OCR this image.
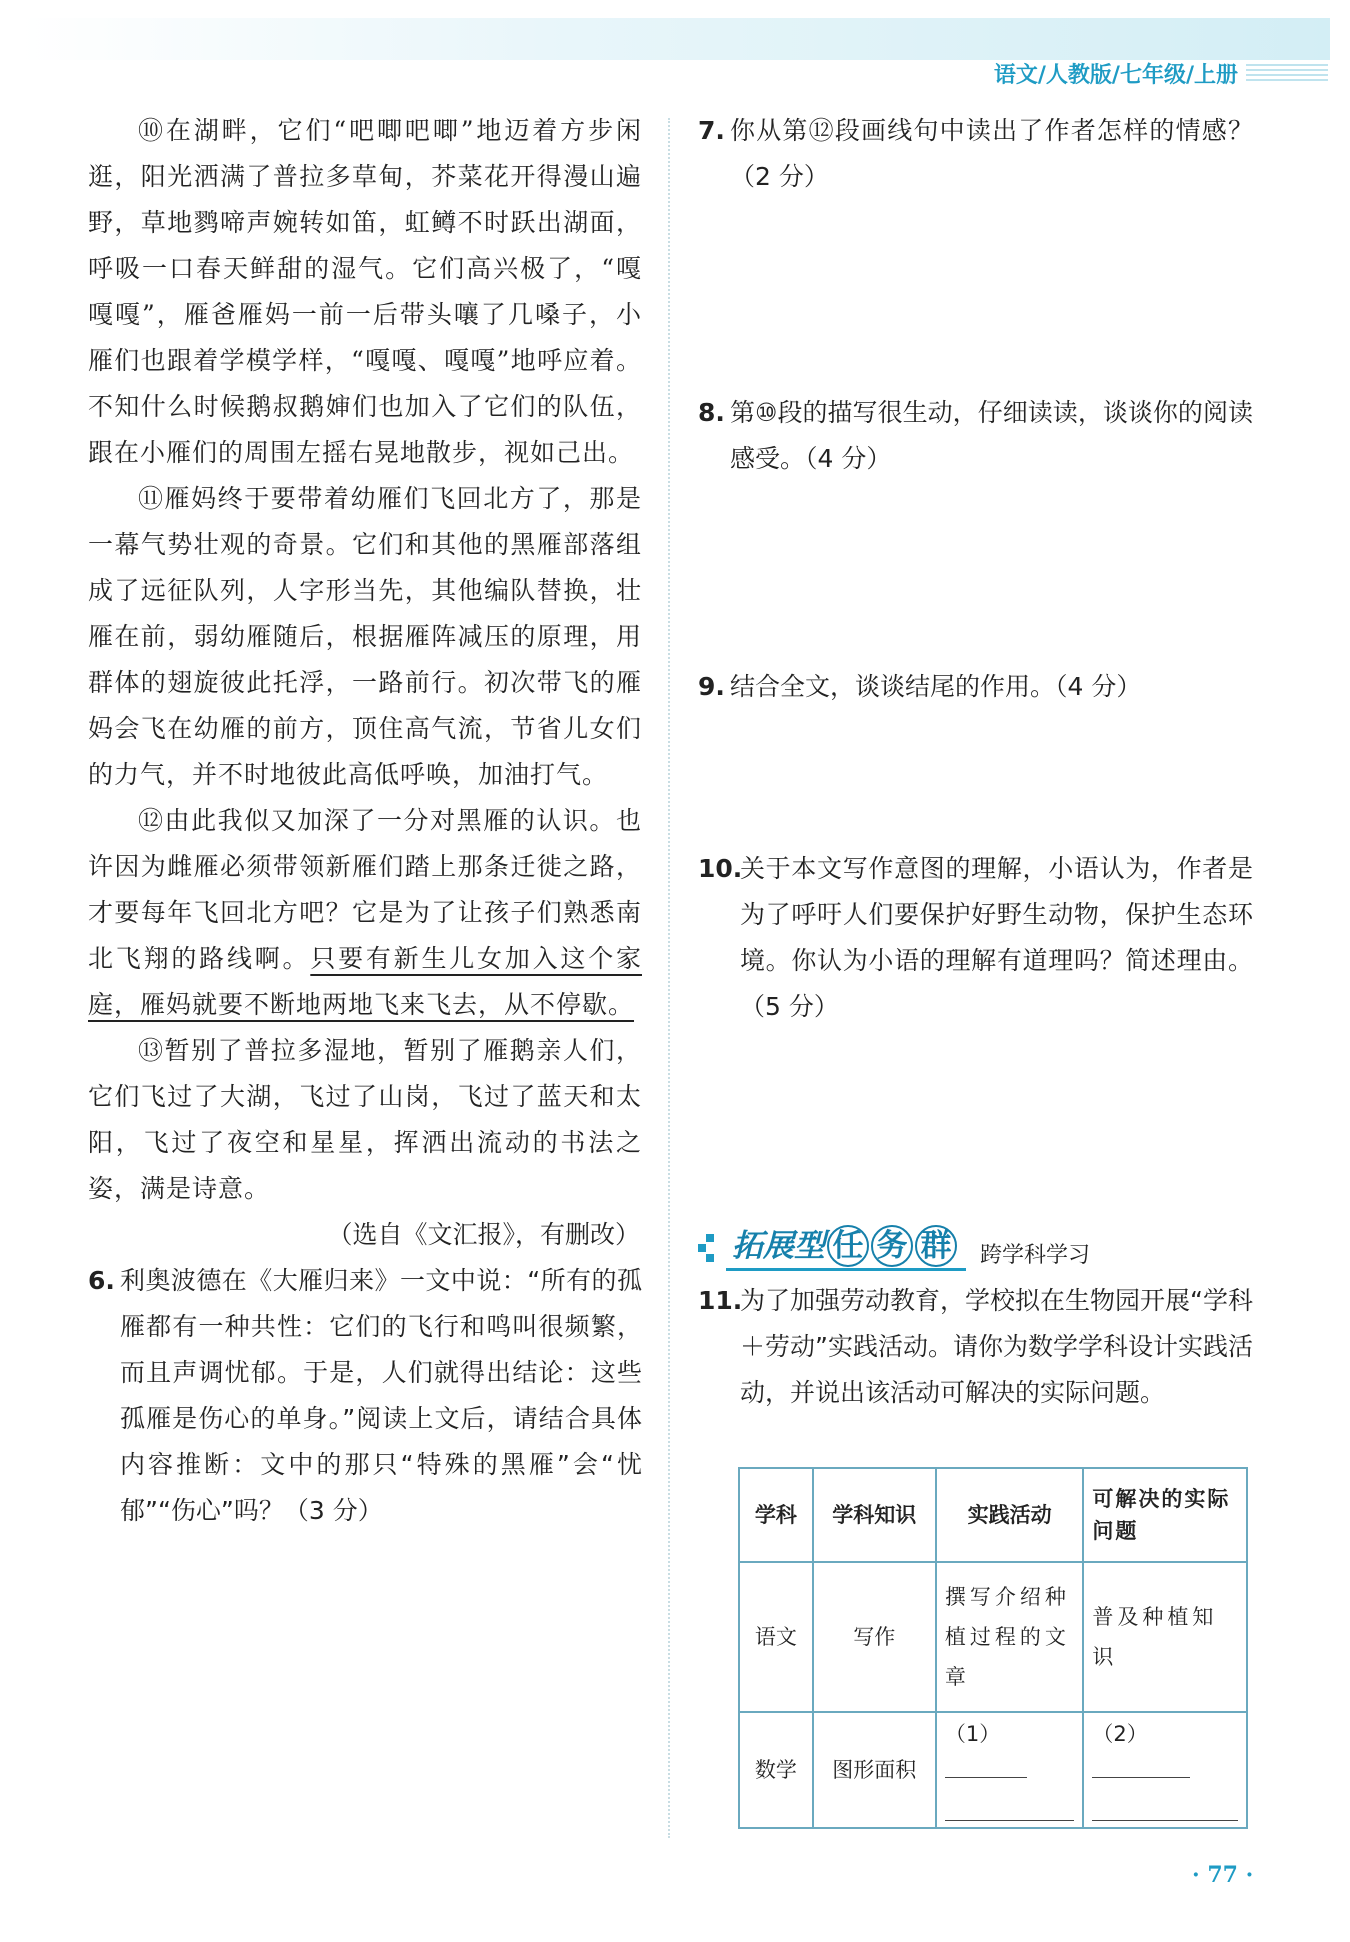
语文/人教版/七年级/上册

⑩在湖畔，它们“吧唧吧唧”地迈着方步闲逛，阳光洒满了普拉多草甸，芥菜花开得漫山遍野，草地鹨啼声婉转如笛，虹鳟不时跃出湖面，呼吸一口春天鲜甜的湿气。它们高兴极了，“嘎嘎嘎”，雁爸雁妈一前一后带头嚷了几嗓子，小雁们也跟着学模学样，“嘎嘎、嘎嘎”地呼应着。不知什么时候鹅叔鹅婶们也加入了它们的队伍，跟在小雁们的周围左摇右晃地散步，视如己出。

⑪雁妈终于要带着幼雁们飞回北方了，那是一幕气势壮观的奇景。它们和其他的黑雁部落组成了远征队列，人字形当先，其他编队替换，壮雁在前，弱幼雁随后，根据雁阵减压的原理，用群体的翅旋彼此托浮，一路前行。初次带飞的雁妈会飞在幼雁的前方，顶住高气流，节省儿女们的力气，并不时地彼此高低呼唤，加油打气。

⑫由此我似又加深了一分对黑雁的认识。也许因为雌雁必须带领新雁们踏上那条迁徙之路，才要每年飞回北方吧？它是为了让孩子们熟悉南北飞翔的路线啊。只要有新生儿女加入这个家庭，雁妈就要不断地两地飞来飞去，从不停歇。

⑬暂别了普拉多湿地，暂别了雁鹅亲人们，它们飞过了大湖，飞过了山岗，飞过了蓝天和太阳，飞过了夜空和星星，挥洒出流动的书法之姿，满是诗意。

（选自《文汇报》，有删改）

6. 利奥波德在《大雁归来》一文中说：“所有的孤雁都有一种共性：它们的飞行和鸣叫很频繁，而且声调忧郁。于是，人们就得出结论：这些孤雁是伤心的单身。”阅读上文后，请结合具体内容推断：文中的那只“特殊的黑雁”会“忧郁”“伤心”吗？（3 分）
7. 你从第⑫段画线句中读出了作者怎样的情感？（2 分）
8. 第⑩段的描写很生动，仔细读读，谈谈你的阅读感受。（4 分）
9. 结合全文，谈谈结尾的作用。（4 分）
10.
关于本文写作意图的理解，小语认为，作者是为了呼吁人们要保护好野生动物，保护生态环境。你认为小语的理解有道理吗？简述理由。（5 分）
拓展型 任 务 群 跨学科学习
11.
为了加强劳动教育，学校拟在生物园开展“学科＋劳动”实践活动。请你为数学学科设计实践活动，并说出该活动可解决的实际问题。
学科	学科知识	实践活动	可解决的实际问题
语文	写作	撰写介绍种植过程的文章	普及种植知识
数学	图形面积	（1）	（2）
· 77 ·
